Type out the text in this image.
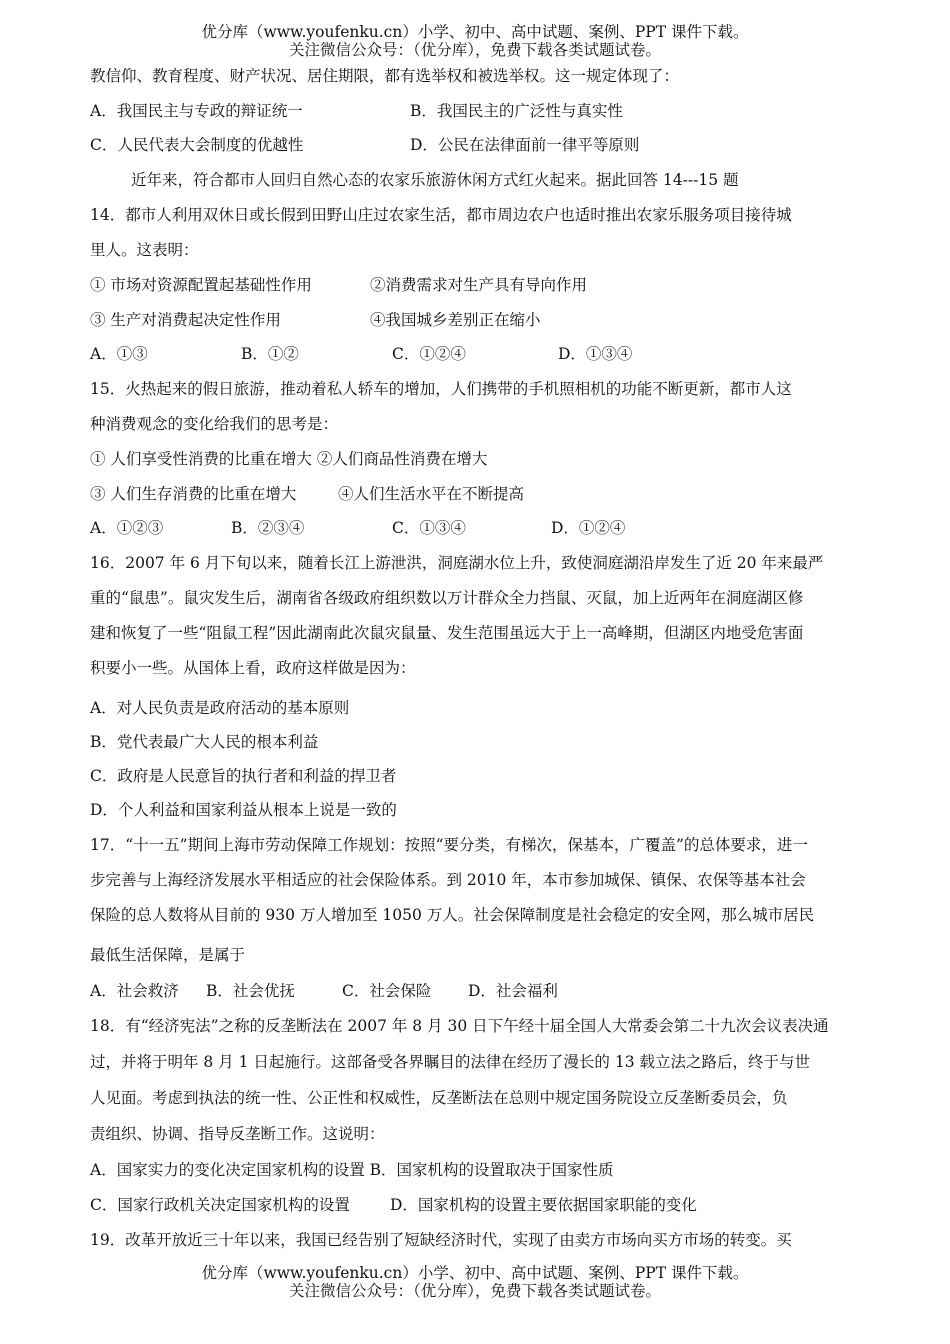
优分库（www.youfenku.cn）小学、初中、高中试题、案例、PPT 课件下载。
关注微信公众号：（优分库），免费下载各类试题试卷。
教信仰、教育程度、财产状况、居住期限，都有选举权和被选举权。这一规定体现了：
A．我国民主与专政的辩证统一	B．我国民主的广泛性与真实性
C．人民代表大会制度的优越性	D．公民在法律面前一律平等原则
近年来，符合都市人回归自然心态的农家乐旅游休闲方式红火起来。据此回答 14---15 题
14．都市人利用双休日或长假到田野山庄过农家生活，都市周边农户也适时推出农家乐服务项目接待城
里人。这表明：
① 市场对资源配置起基础性作用	②消费需求对生产具有导向作用
③ 生产对消费起决定性作用	④我国城乡差别正在缩小
A．①③	B．①②	C．①②④	D．①③④
15．火热起来的假日旅游，推动着私人轿车的增加，人们携带的手机照相机的功能不断更新，都市人这
种消费观念的变化给我们的思考是：
① 人们享受性消费的比重在增大 ②人们商品性消费在增大
③ 人们生存消费的比重在增大	④人们生活水平在不断提高
A．①②③	B．②③④	C．①③④	D．①②④
16．2007 年 6 月下旬以来，随着长江上游泄洪，洞庭湖水位上升，致使洞庭湖沿岸发生了近 20 年来最严
重的“鼠患”。鼠灾发生后，湖南省各级政府组织数以万计群众全力挡鼠、灭鼠，加上近两年在洞庭湖区修
建和恢复了一些“阻鼠工程”因此湖南此次鼠灾鼠量、发生范围虽远大于上一高峰期，但湖区内地受危害面
积要小一些。从国体上看，政府这样做是因为：
A．对人民负责是政府活动的基本原则
B．党代表最广大人民的根本利益
C．政府是人民意旨的执行者和利益的捍卫者
D．个人利益和国家利益从根本上说是一致的
17．“十一五”期间上海市劳动保障工作规划：按照“要分类，有梯次，保基本，广覆盖”的总体要求，进一
步完善与上海经济发展水平相适应的社会保险体系。到 2010 年，本市参加城保、镇保、农保等基本社会
保险的总人数将从目前的 930 万人增加至 1050 万人。社会保障制度是社会稳定的安全网，那么城市居民
最低生活保障，是属于
A．社会救济 B．社会优抚	C．社会保险 D．社会福利
18．有“经济宪法”之称的反垄断法在 2007 年 8 月 30 日下午经十届全国人大常委会第二十九次会议表决通
过，并将于明年 8 月 1 日起施行。这部备受各界瞩目的法律在经历了漫长的 13 载立法之路后，终于与世
人见面。考虑到执法的统一性、公正性和权威性，反垄断法在总则中规定国务院设立反垄断委员会，负
责组织、协调、指导反垄断工作。这说明：
A．国家实力的变化决定国家机构的设置 B．国家机构的设置取决于国家性质
C．国家行政机关决定国家机构的设置	D．国家机构的设置主要依据国家职能的变化
19．改革开放近三十年以来，我国已经告别了短缺经济时代，实现了由卖方市场向买方市场的转变。买
优分库（www.youfenku.cn）小学、初中、高中试题、案例、PPT 课件下载。
关注微信公众号：（优分库），免费下载各类试题试卷。
